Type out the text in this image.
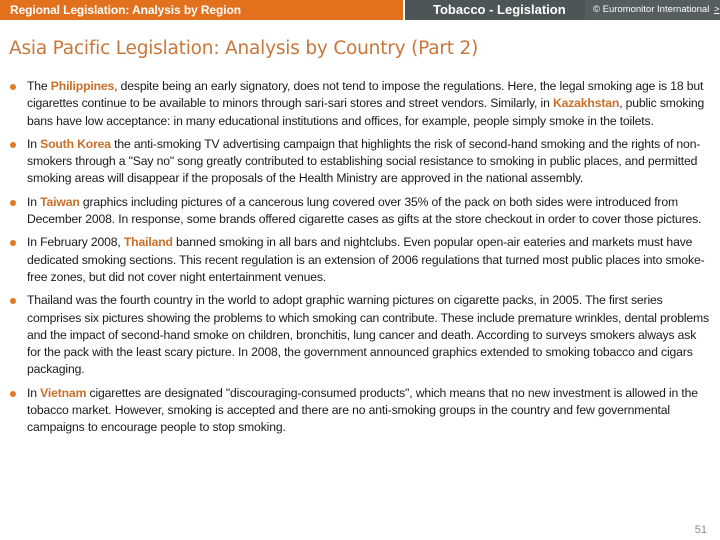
Regional Legislation: Analysis by Region	Tobacco - Legislation	© Euromonitor International >
Asia Pacific Legislation: Analysis by Country (Part 2)
The Philippines, despite being an early signatory, does not tend to impose the regulations. Here, the legal smoking age is 18 but cigarettes continue to be available to minors through sari-sari stores and street vendors. Similarly, in Kazakhstan, public smoking bans have low acceptance: in many educational institutions and offices, for example, people simply smoke in the toilets.
In South Korea the anti-smoking TV advertising campaign that highlights the risk of second-hand smoking and the rights of non-smokers through a "Say no" song greatly contributed to establishing social resistance to smoking in public places, and permitted smoking areas will disappear if the proposals of the Health Ministry are approved in the national assembly.
In Taiwan graphics including pictures of a cancerous lung covered over 35% of the pack on both sides were introduced from December 2008. In response, some brands offered cigarette cases as gifts at the store checkout in order to cover those pictures.
In February 2008, Thailand banned smoking in all bars and nightclubs. Even popular open-air eateries and markets must have dedicated smoking sections. This recent regulation is an extension of 2006 regulations that turned most public places into smoke-free zones, but did not cover night entertainment venues.
Thailand was the fourth country in the world to adopt graphic warning pictures on cigarette packs, in 2005. The first series comprises six pictures showing the problems to which smoking can contribute. These include premature wrinkles, dental problems and the impact of second-hand smoke on children, bronchitis, lung cancer and death. According to surveys smokers always ask for the pack with the least scary picture. In 2008, the government announced graphics extended to smoking tobacco and cigars packaging.
In Vietnam cigarettes are designated "discouraging-consumed products", which means that no new investment is allowed in the tobacco market. However, smoking is accepted and there are no anti-smoking groups in the country and few governmental campaigns to encourage people to stop smoking.
51
